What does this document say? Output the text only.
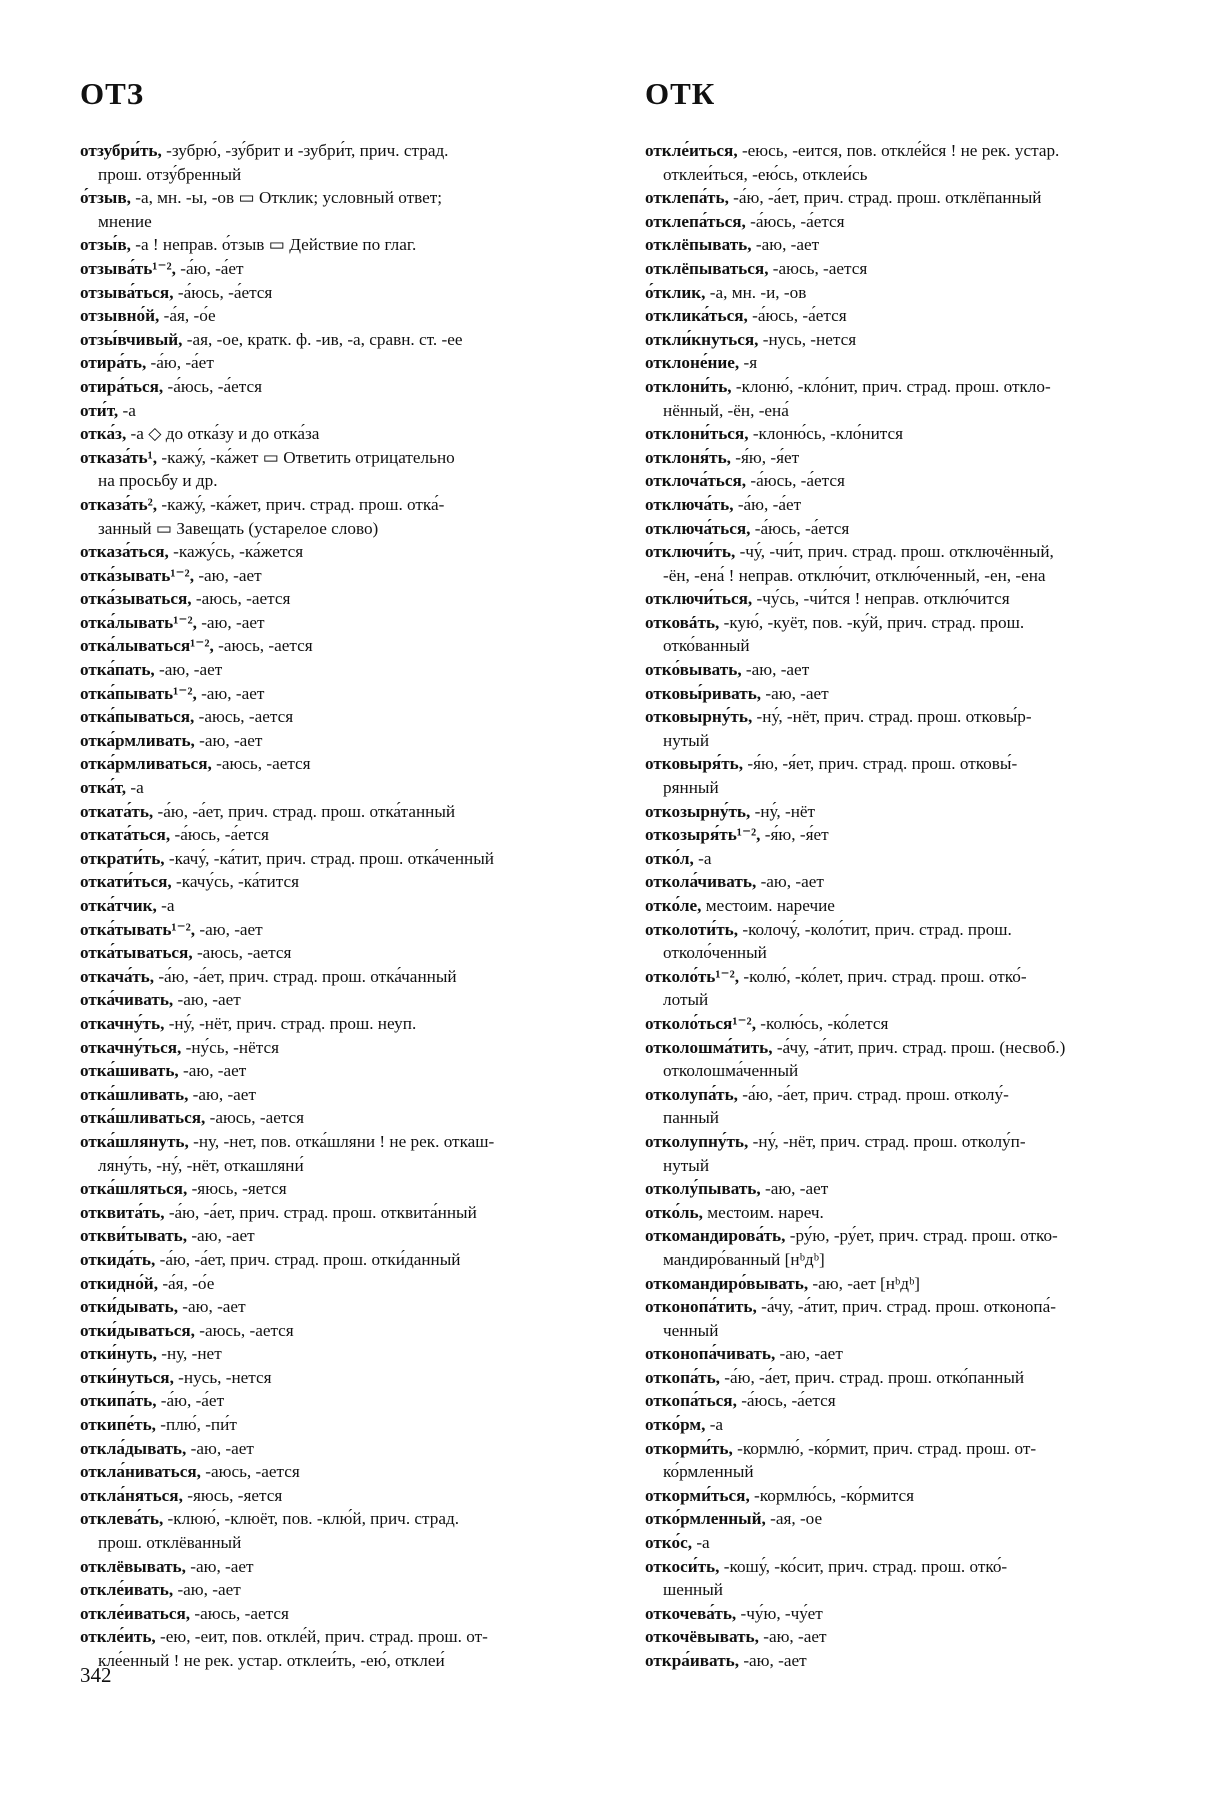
ОТЗ	ОТК
отзубри́ть, -зубрю́, -зу́брит и -зубри́т, прич. страд.
прош. отзу́бренный
о́тзыв, -а, мн. -ы, -ов ▭ Отклик; условный ответ;
мнение
отзы́в, -а ! неправ. о́тзыв ▭ Действие по глаг.
отзыва́ть¹⁻², -а́ю, -а́ет
отзыва́ться, -а́юсь, -а́ется
отзывно́й, -а́я, -о́е
отзы́вчивый, -ая, -ое, кратк. ф. -ив, -а, сравн. ст. -ее
отира́ть, -а́ю, -а́ет
отира́ться, -а́юсь, -а́ется
оти́т, -а
отка́з, -а ◇ до отка́зу и до отка́за
отказа́ть¹, -кажу́, -ка́жет ▭ Ответить отрицательно
на просьбу и др.
отказа́ть², -кажу́, -ка́жет, прич. страд. прош. отка́-
занный ▭ Завещать (устарелое слово)
отказа́ться, -кажу́сь, -ка́жется
отка́зывать¹⁻², -аю, -ает
отка́зываться, -аюсь, -ается
отка́лывать¹⁻², -аю, -ает
отка́лываться¹⁻², -аюсь, -ается
отка́пать, -аю, -ает
отка́пывать¹⁻², -аю, -ает
отка́пываться, -аюсь, -ается
отка́рмливать, -аю, -ает
отка́рмливаться, -аюсь, -ается
отка́т, -а
отката́ть, -а́ю, -а́ет, прич. страд. прош. отка́танный
отката́ться, -а́юсь, -а́ется
открати́ть, -качу́, -ка́тит, прич. страд. прош. отка́ченный
откати́ться, -качу́сь, -ка́тится
отка́тчик, -а
отка́тывать¹⁻², -аю, -ает
отка́тываться, -аюсь, -ается
откача́ть, -а́ю, -а́ет, прич. страд. прош. отка́чанный
отка́чивать, -аю, -ает
откачну́ть, -ну́, -нёт, прич. страд. прош. неуп.
откачну́ться, -ну́сь, -нётся
отка́шивать, -аю, -ает
отка́шливать, -аю, -ает
отка́шливаться, -аюсь, -ается
отка́шлянуть, -ну, -нет, пов. отка́шляни ! не рек. откаш-
ляну́ть, -ну́, -нёт, откашляни́
отка́шляться, -яюсь, -яется
отквита́ть, -а́ю, -а́ет, прич. страд. прош. отквита́нный
откви́тывать, -аю, -ает
откида́ть, -а́ю, -а́ет, прич. страд. прош. отки́данный
откидно́й, -а́я, -о́е
отки́дывать, -аю, -ает
отки́дываться, -аюсь, -ается
отки́нуть, -ну, -нет
отки́нуться, -нусь, -нется
откипа́ть, -а́ю, -а́ет
откипе́ть, -плю́, -пи́т
откла́дывать, -аю, -ает
откла́ниваться, -аюсь, -ается
откла́няться, -яюсь, -яется
отклева́ть, -клюю́, -клюёт, пов. -клю́й, прич. страд.
прош. отклёванный
отклёвывать, -аю, -ает
откле́ивать, -аю, -ает
откле́иваться, -аюсь, -ается
откле́ить, -ею, -еит, пов. откле́й, прич. страд. прош. от-
кле́енный ! не рек. устар. отклеи́ть, -ею́, отклеи́
откле́иться, -еюсь, -еится, пов. откле́йся ! не рек. устар.
отклеи́ться, -ею́сь, отклеи́сь
отклепа́ть, -а́ю, -а́ет, прич. страд. прош. отклёпанный
отклепа́ться, -а́юсь, -а́ется
отклёпывать, -аю, -ает
отклёпываться, -аюсь, -ается
о́тклик, -а, мн. -и, -ов
отклика́ться, -а́юсь, -а́ется
откли́кнуться, -нусь, -нется
отклоне́ние, -я
отклони́ть, -клоню́, -кло́нит, прич. страд. прош. откло-
нённый, -ён, -ена́
отклони́ться, -клоню́сь, -кло́нится
отклоня́ть, -я́ю, -я́ет
отклоча́ться, -а́юсь, -а́ется
отключа́ть, -а́ю, -а́ет
отключа́ться, -а́юсь, -а́ется
отключи́ть, -чу́, -чи́т, прич. страд. прош. отключённый,
-ён, -ена́ ! неправ. отклю́чит, отклю́ченный, -ен, -ена
отключи́ться, -чу́сь, -чи́тся ! неправ. отклю́чится
отковáть, -кую́, -куёт, пов. -ку́й, прич. страд. прош.
отко́ванный
отко́вывать, -аю, -ает
отковы́ривать, -аю, -ает
отковырну́ть, -ну́, -нёт, прич. страд. прош. отковы́р-
нутый
отковыря́ть, -я́ю, -я́ет, прич. страд. прош. отковы́-
рянный
откозырну́ть, -ну́, -нёт
откозыря́ть¹⁻², -я́ю, -я́ет
отко́л, -а
откола́чивать, -аю, -ает
отко́ле, местоим. наречие
отколоти́ть, -колочу́, -коло́тит, прич. страд. прош.
отколо́ченный
отколо́ть¹⁻², -колю́, -ко́лет, прич. страд. прош. отко́-
лотый
отколо́ться¹⁻², -колю́сь, -ко́лется
отколошма́тить, -а́чу, -а́тит, прич. страд. прош. (несвоб.)
отколошма́ченный
отколупа́ть, -а́ю, -а́ет, прич. страд. прош. отколу́-
панный
отколупну́ть, -ну́, -нёт, прич. страд. прош. отколу́п-
нутый
отколу́пывать, -аю, -ает
отко́ль, местоим. нареч.
откомандирова́ть, -ру́ю, -ру́ет, прич. страд. прош. отко-
мандиро́ванный [нᵇдᵇ]
откомандиро́вывать, -аю, -ает [нᵇдᵇ]
отконопа́тить, -а́чу, -а́тит, прич. страд. прош. отконопа́-
ченный
отконопа́чивать, -аю, -ает
откопа́ть, -а́ю, -а́ет, прич. страд. прош. отко́панный
откопа́ться, -а́юсь, -а́ется
отко́рм, -а
откорми́ть, -кормлю́, -ко́рмит, прич. страд. прош. от-
ко́рмленный
откорми́ться, -кормлю́сь, -ко́рмится
отко́рмленный, -ая, -ое
отко́с, -а
откоси́ть, -кошу́, -ко́сит, прич. страд. прош. отко́-
шенный
откочева́ть, -чу́ю, -чу́ет
откочёвывать, -аю, -ает
откра́ивать, -аю, -ает
342
